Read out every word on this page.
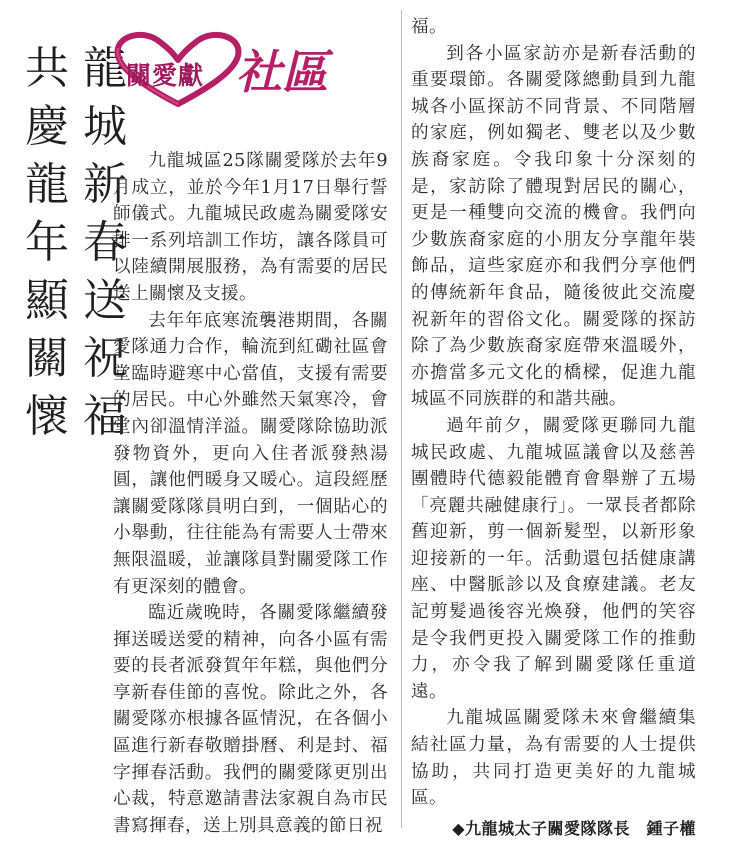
龍
城
新
春
送
祝
福
共
慶
龍
年
顯
關
懷
關愛獻 社區

九龍城區25隊關愛隊於去年9月成立，並於今年1月17日舉行誓師儀式。九龍城民政處為關愛隊安排一系列培訓工作坊，讓各隊員可以陸續開展服務，為有需要的居民送上關懷及支援。

去年年底寒流襲港期間，各關愛隊通力合作，輪流到紅磡社區會堂臨時避寒中心當值，支援有需要的居民。中心外雖然天氣寒冷，會堂內卻溫情洋溢。關愛隊除協助派發物資外，更向入住者派發熱湯圓，讓他們暖身又暖心。這段經歷讓關愛隊隊員明白到，一個貼心的小舉動，往往能為有需要人士帶來無限溫暖，並讓隊員對關愛隊工作有更深刻的體會。

臨近歲晚時，各關愛隊繼續發揮送暖送愛的精神，向各小區有需要的長者派發賀年年糕，與他們分享新春佳節的喜悅。除此之外，各關愛隊亦根據各區情況，在各個小區進行新春敬贈掛曆、利是封、福字揮春活動。我們的關愛隊更別出心裁，特意邀請書法家親自為市民書寫揮春，送上別具意義的節日祝

福。

到各小區家訪亦是新春活動的重要環節。各關愛隊總動員到九龍城各小區探訪不同背景、不同階層的家庭，例如獨老、雙老以及少數族裔家庭。令我印象十分深刻的是，家訪除了體現對居民的關心，更是一種雙向交流的機會。我們向少數族裔家庭的小朋友分享龍年裝飾品，這些家庭亦和我們分享他們的傳統新年食品，隨後彼此交流慶祝新年的習俗文化。關愛隊的探訪除了為少數族裔家庭帶來溫暖外，亦擔當多元文化的橋樑，促進九龍城區不同族群的和諧共融。

過年前夕，關愛隊更聯同九龍城民政處、九龍城區議會以及慈善團體時代德毅能體育會舉辦了五場「亮麗共融健康行」。一眾長者都除舊迎新，剪一個新髮型，以新形象迎接新的一年。活動還包括健康講座、中醫脈診以及食療建議。老友記剪髮過後容光煥發，他們的笑容是令我們更投入關愛隊工作的推動力，亦令我了解到關愛隊任重道遠。

九龍城區關愛隊未來會繼續集結社區力量，為有需要的人士提供協助，共同打造更美好的九龍城區。

◆九龍城太子關愛隊隊長　鍾子權
